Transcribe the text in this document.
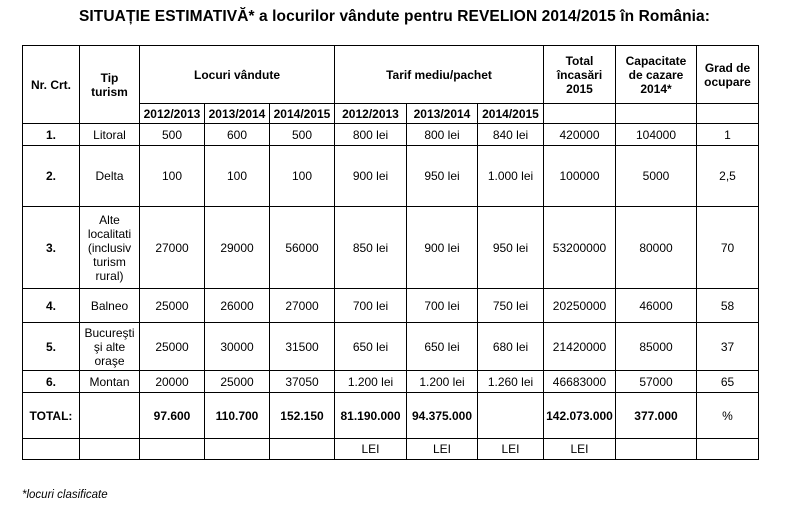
SITUAȚIE ESTIMATIVĂ* a locurilor vândute pentru REVELION 2014/2015 în România:
Nr. Crt.	Tip turism	Locuri vândute			Tarif mediu/pachet			Total încasări 2015	Capacitate de cazare 2014*	Grad de ocupare
		2012/2013	2013/2014	2014/2015	2012/2013	2013/2014	2014/2015			
1.	Litoral	500	600	500	800 lei	800 lei	840 lei	420000	104000	1
2.	Delta	100	100	100	900 lei	950 lei	1.000 lei	100000	5000	2,5
3.	Alte localitati (inclusiv turism rural)	27000	29000	56000	850 lei	900 lei	950 lei	53200000	80000	70
4.	Balneo	25000	26000	27000	700 lei	700 lei	750 lei	20250000	46000	58
5.	Bucureşti şi alte oraşe	25000	30000	31500	650 lei	650 lei	680 lei	21420000	85000	37
6.	Montan	20000	25000	37050	1.200 lei	1.200 lei	1.260 lei	46683000	57000	65
TOTAL:		97.600	110.700	152.150	81.190.000	94.375.000		142.073.000	377.000	%
					LEI	LEI	LEI	LEI		
*locuri clasificate
